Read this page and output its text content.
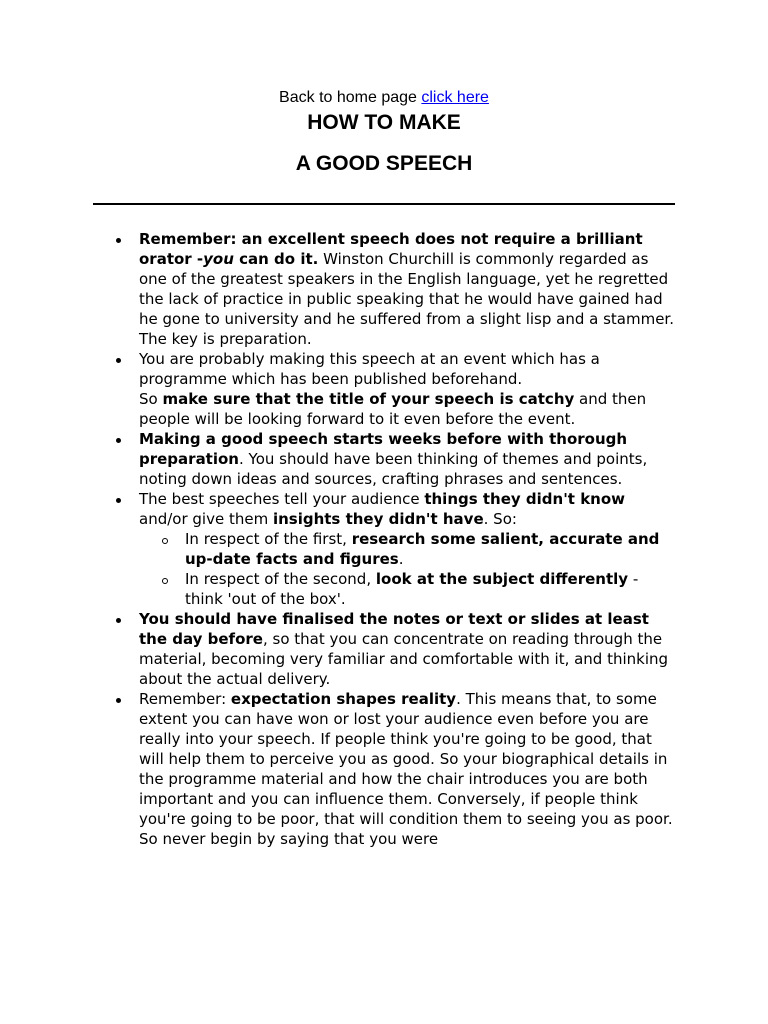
Back to home page click here
HOW TO MAKE
A GOOD SPEECH
Remember: an excellent speech does not require a brilliant orator -you can do it. Winston Churchill is commonly regarded as one of the greatest speakers in the English language, yet he regretted the lack of practice in public speaking that he would have gained had he gone to university and he suffered from a slight lisp and a stammer. The key is preparation.
You are probably making this speech at an event which has a programme which has been published beforehand.
So make sure that the title of your speech is catchy and then people will be looking forward to it even before the event.
Making a good speech starts weeks before with thorough preparation. You should have been thinking of themes and points, noting down ideas and sources, crafting phrases and sentences.
The best speeches tell your audience things they didn't know and/or give them insights they didn't have. So:
In respect of the first, research some salient, accurate and up-date facts and figures.
In respect of the second, look at the subject differently - think 'out of the box'.
You should have finalised the notes or text or slides at least the day before, so that you can concentrate on reading through the material, becoming very familiar and comfortable with it, and thinking about the actual delivery.
Remember: expectation shapes reality. This means that, to some extent you can have won or lost your audience even before you are really into your speech. If people think you're going to be good, that will help them to perceive you as good. So your biographical details in the programme material and how the chair introduces you are both important and you can influence them. Conversely, if people think you're going to be poor, that will condition them to seeing you as poor. So never begin by saying that you were
